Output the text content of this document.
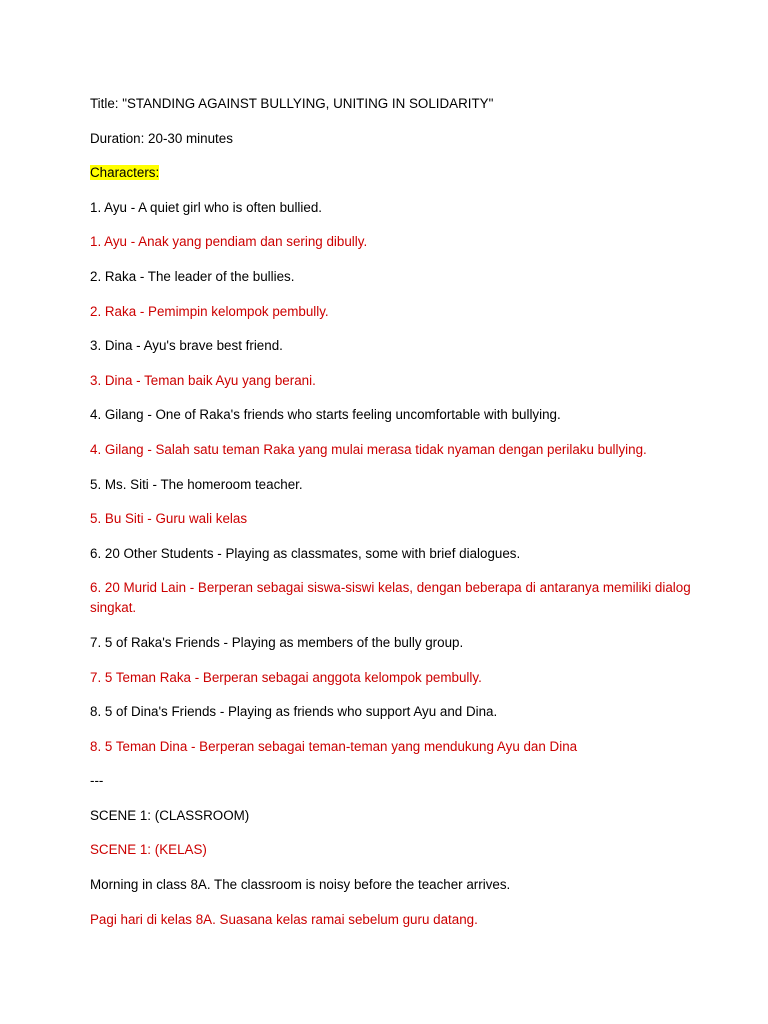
Title: "STANDING AGAINST BULLYING, UNITING IN SOLIDARITY"
Duration: 20-30 minutes
Characters:
1. Ayu - A quiet girl who is often bullied.
1. Ayu - Anak yang pendiam dan sering dibully.
2. Raka - The leader of the bullies.
2. Raka - Pemimpin kelompok pembully.
3. Dina - Ayu's brave best friend.
3. Dina - Teman baik Ayu yang berani.
4. Gilang - One of Raka's friends who starts feeling uncomfortable with bullying.
4. Gilang - Salah satu teman Raka yang mulai merasa tidak nyaman dengan perilaku bullying.
5. Ms. Siti - The homeroom teacher.
5. Bu Siti - Guru wali kelas
6. 20 Other Students - Playing as classmates, some with brief dialogues.
6. 20 Murid Lain - Berperan sebagai siswa-siswi kelas, dengan beberapa di antaranya memiliki dialog singkat.
7. 5 of Raka's Friends - Playing as members of the bully group.
7. 5 Teman Raka - Berperan sebagai anggota kelompok pembully.
8. 5 of Dina's Friends - Playing as friends who support Ayu and Dina.
8. 5 Teman Dina - Berperan sebagai teman-teman yang mendukung Ayu dan Dina
---
SCENE 1: (CLASSROOM)
SCENE 1: (KELAS)
Morning in class 8A. The classroom is noisy before the teacher arrives.
Pagi hari di kelas 8A. Suasana kelas ramai sebelum guru datang.
